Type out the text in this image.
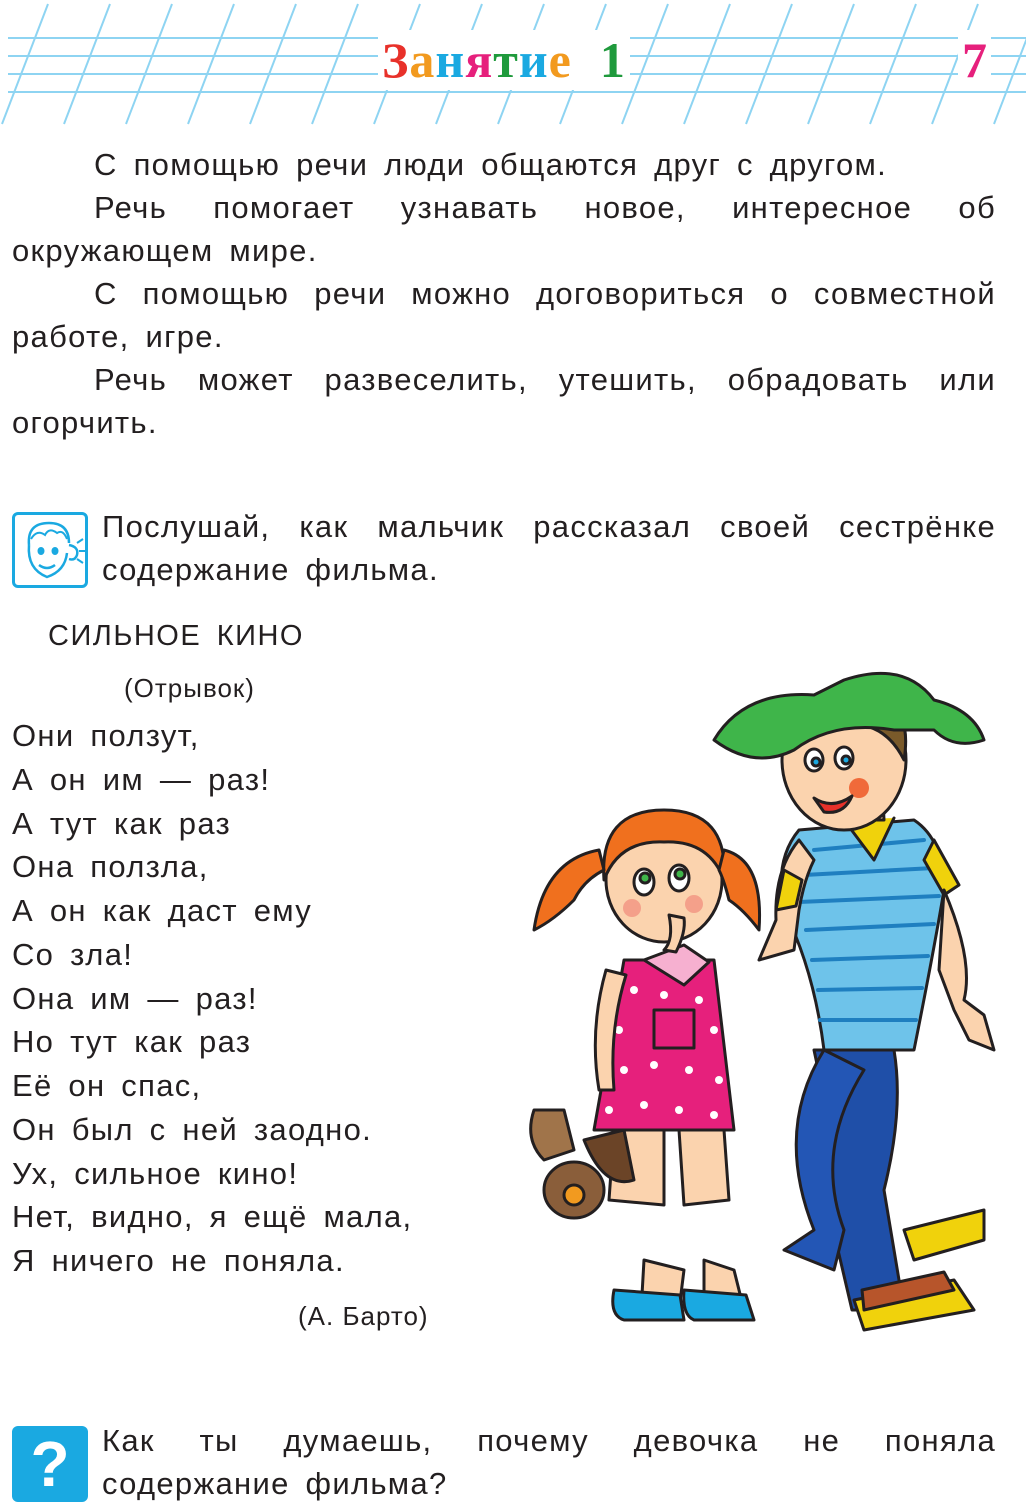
Занятие 1	7

С помощью речи люди общаются друг с другом.

Речь помогает узнавать новое, интересное об окружающем мире.

С помощью речи можно договориться о совместной работе, игре.

Речь может развеселить, утешить, обрадовать или огорчить.

Послушай, как мальчик рассказал своей сестрёнке содержание фильма.

СИЛЬНОЕ КИНО

(Отрывок)

Они ползут,
А он им — раз!
А тут как раз
Она ползла,
А он как даст ему
Со зла!
Она им — раз!
Но тут как раз
Её он спас,
Он был с ней заодно.
Ух, сильное кино!
Нет, видно, я ещё мала,
Я ничего не поняла.

(А. Барто)

?	Как ты думаешь, почему девочка не поняла содержание фильма?
